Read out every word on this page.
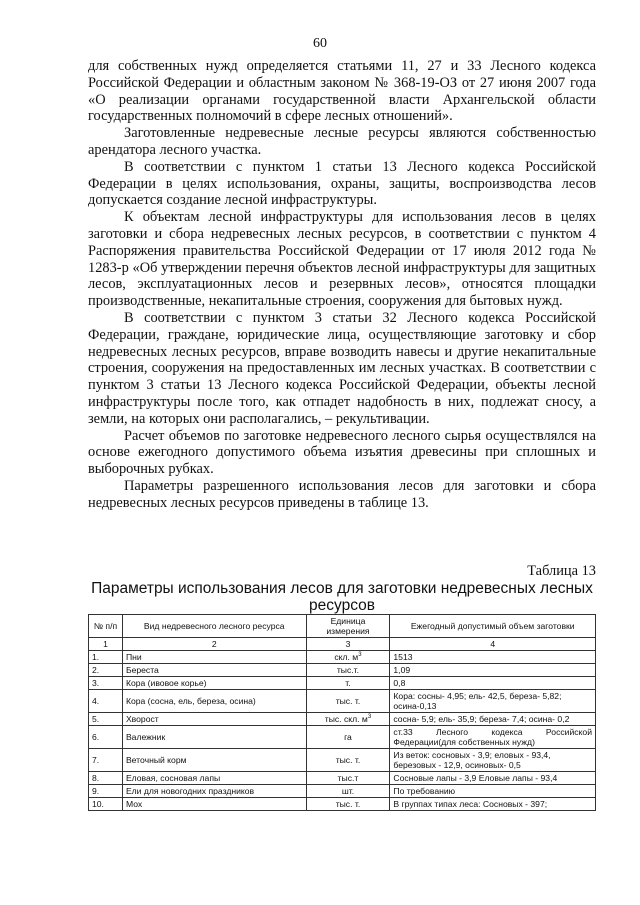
60

для собственных нужд определяется статьями 11, 27 и 33 Лесного кодекса Российской Федерации и областным законом № 368-19-ОЗ от 27 июня 2007 года «О реализации органами государственной власти Архангельской области государственных полномочий в сфере лесных отношений».

Заготовленные недревесные лесные ресурсы являются собственностью арендатора лесного участка.

В соответствии с пунктом 1 статьи 13 Лесного кодекса Российской Федерации в целях использования, охраны, защиты, воспроизводства лесов допускается создание лесной инфраструктуры.

К объектам лесной инфраструктуры для использования лесов в целях заготовки и сбора недревесных лесных ресурсов, в соответствии с пунктом 4 Распоряжения правительства Российской Федерации от 17 июля 2012 года № 1283-р «Об утверждении перечня объектов лесной инфраструктуры для защитных лесов, эксплуатационных лесов и резервных лесов», относятся площадки производственные, некапитальные строения, сооружения для бытовых нужд.

В соответствии с пунктом 3 статьи 32 Лесного кодекса Российской Федерации, граждане, юридические лица, осуществляющие заготовку и сбор недревесных лесных ресурсов, вправе возводить навесы и другие некапитальные строения, сооружения на предоставленных им лесных участках. В соответствии с пунктом 3 статьи 13 Лесного кодекса Российской Федерации, объекты лесной инфраструктуры после того, как отпадет надобность в них, подлежат сносу, а земли, на которых они располагались, – рекультивации.

Расчет объемов по заготовке недревесного лесного сырья осуществлялся на основе ежегодного допустимого объема изъятия древесины при сплошных и выборочных рубках.

Параметры разрешенного использования лесов для заготовки и сбора недревесных лесных ресурсов приведены в таблице 13.

Таблица 13
Параметры использования лесов для заготовки недревесных лесных ресурсов
№ п/п	Вид недревесного лесного ресурса	Единица измерения	Ежегодный допустимый объем заготовки
1	2	3	4
1.	Пни	скл. $м^3$	1513
2.	Береста	тыс.т.	1,09
3.	Кора (ивовое корье)	т.	0,8
4.	Кора (сосна, ель, береза, осина)	тыс. т.	Кора: сосны- 4,95; ель- 42,5, береза- 5,82; осина-0,13
5.	Хворост	тыс. скл. $м^3$	сосна- 5,9; ель- 35,9; береза- 7,4; осина- 0,2
6.	Валежник	га	ст.33 Лесного кодекса Российской Федерации(для собственных нужд)
7.	Веточный корм	тыс. т.	Из веток: сосновых - 3,9; еловых - 93,4, березовых - 12,9, осиновых- 0,5
8.	Еловая, сосновая лапы	тыс.т	Сосновые лапы - 3,9 Еловые лапы - 93,4
9.	Ели для новогодних праздников	шт.	По требованию
10.	Мох	тыс. т.	В группах типах леса: Сосновых - 397;
